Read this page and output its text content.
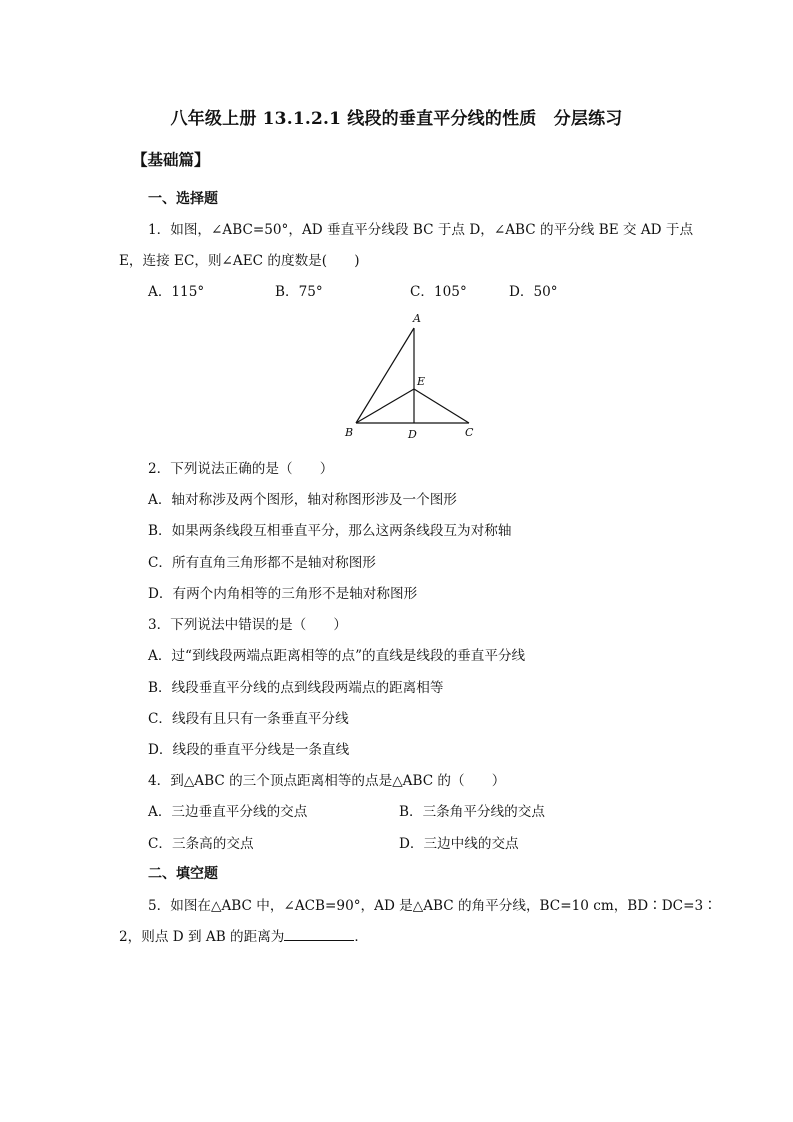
八年级上册 13.1.2.1 线段的垂直平分线的性质　分层练习
【基础篇】
一、选择题
1．如图，∠ABC=50°，AD 垂直平分线段 BC 于点 D，∠ABC 的平分线 BE 交 AD 于点
E，连接 EC，则∠AEC 的度数是(　　)
A．115°	B．75°	C．105°	D．50°
A
B	C
D
E
2．下列说法正确的是（　　）
A．轴对称涉及两个图形，轴对称图形涉及一个图形
B．如果两条线段互相垂直平分，那么这两条线段互为对称轴
C．所有直角三角形都不是轴对称图形
D．有两个内角相等的三角形不是轴对称图形
3．下列说法中错误的是（　　）
A．过“到线段两端点距离相等的点”的直线是线段的垂直平分线
B．线段垂直平分线的点到线段两端点的距离相等
C．线段有且只有一条垂直平分线
D．线段的垂直平分线是一条直线
4．到△ABC 的三个顶点距离相等的点是△ABC 的（　　）
A．三边垂直平分线的交点	B．三条角平分线的交点
C．三条高的交点	D．三边中线的交点
二、填空题
5．如图在△ABC 中，∠ACB=90°，AD 是△ABC 的角平分线，BC=10 cm，BD∶DC=3∶
2，则点 D 到 AB 的距离为	．
